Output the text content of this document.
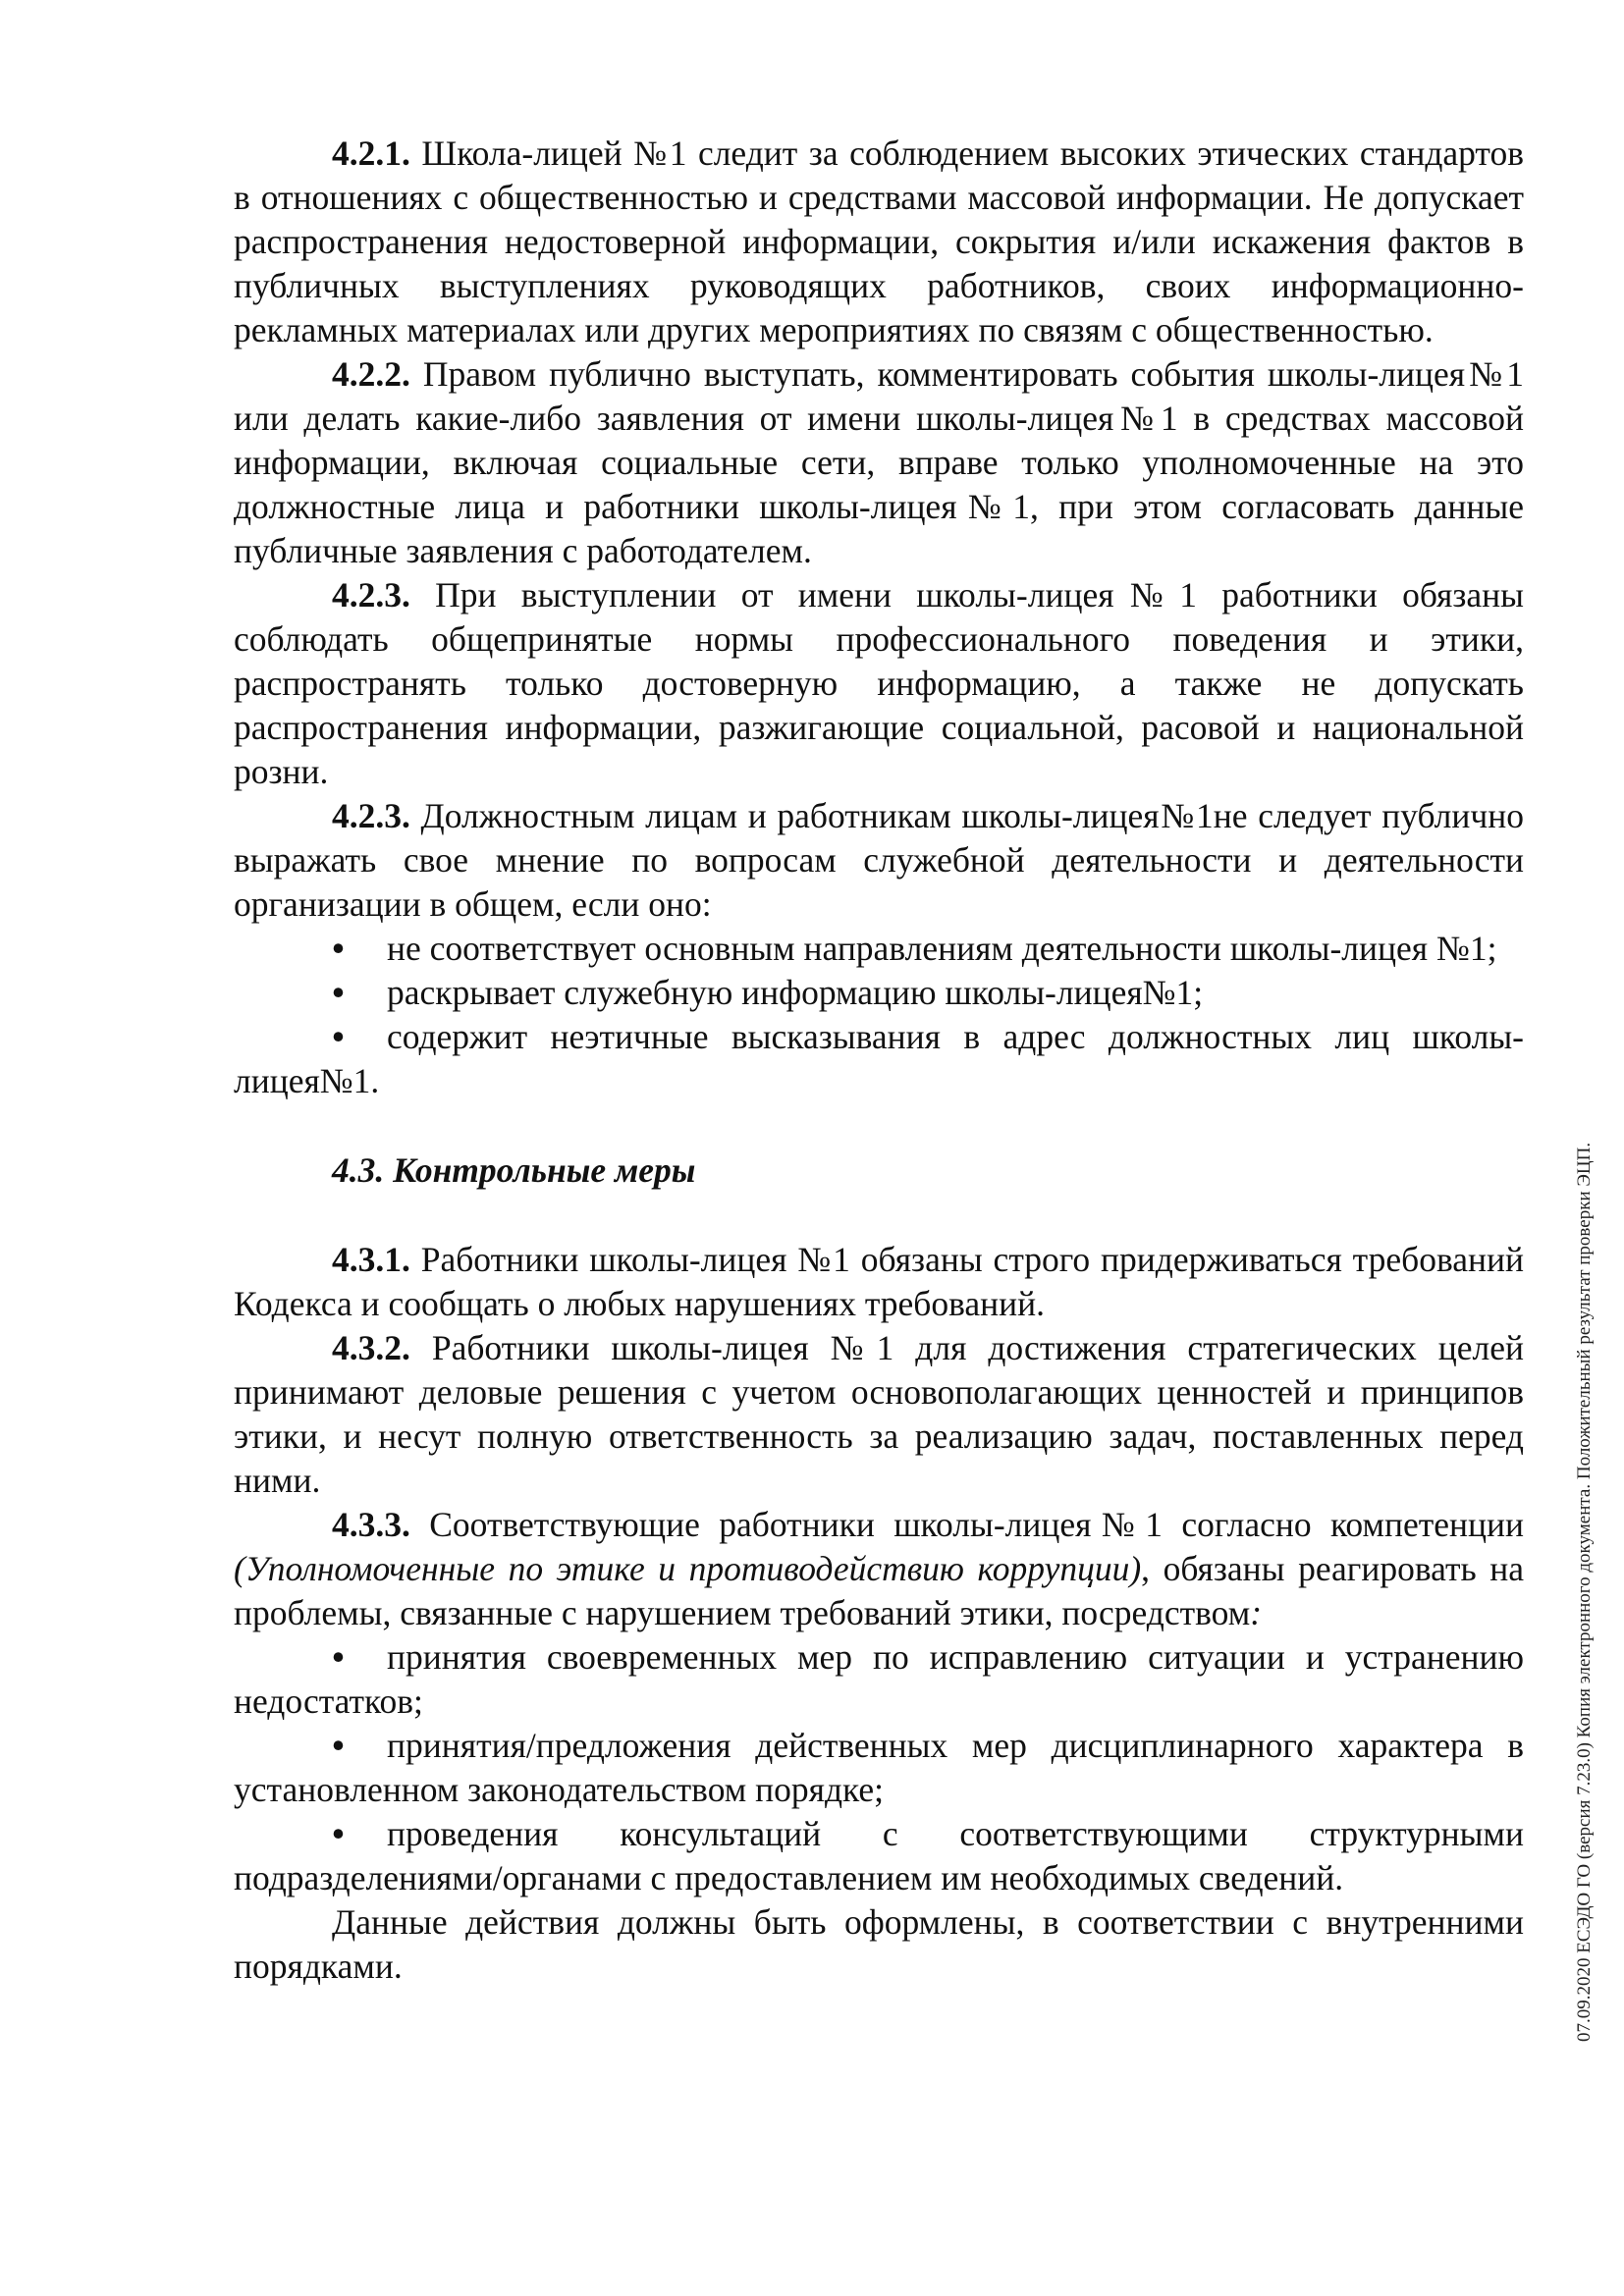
4.2.1. Школа-лицей №1 следит за соблюдением высоких этических стандартов в отношениях с общественностью и средствами массовой информации. Не допускает распространения недостоверной информации, сокрытия и/или искажения фактов в публичных выступлениях руководящих работников, своих информационно-рекламных материалах или других мероприятиях по связям с общественностью.

4.2.2. Правом публично выступать, комментировать события школы-лицея№1 или делать какие-либо заявления от имени школы-лицея№1 в средствах массовой информации, включая социальные сети, вправе только уполномоченные на это должностные лица и работники школы-лицея№1, при этом согласовать данные публичные заявления с работодателем.

4.2.3. При выступлении от имени школы-лицея№1 работники обязаны соблюдать общепринятые нормы профессионального поведения и этики, распространять только достоверную информацию, а также не допускать распространения информации, разжигающие социальной, расовой и национальной розни.

4.2.3. Должностным лицам и работникам школы-лицея№1не следует публично выражать свое мнение по вопросам служебной деятельности и деятельности организации в общем, если оно:

• не соответствует основным направлениям деятельности школы-лицея №1;

• раскрывает служебную информацию школы-лицея№1;

• содержит неэтичные высказывания в адрес должностных лиц школы-лицея№1.

4.3. Контрольные меры

4.3.1. Работники школы-лицея №1 обязаны строго придерживаться требований Кодекса и сообщать о любых нарушениях требований.

4.3.2. Работники школы-лицея №1 для достижения стратегических целей принимают деловые решения с учетом основополагающих ценностей и принципов этики, и несут полную ответственность за реализацию задач, поставленных перед ними.

4.3.3. Соответствующие работники школы-лицея№1 согласно компетенции (Уполномоченные по этике и противодействию коррупции), обязаны реагировать на проблемы, связанные с нарушением требований этики, посредством:

• принятия своевременных мер по исправлению ситуации и устранению недостатков;

• принятия/предложения действенных мер дисциплинарного характера в установленном законодательством порядке;

• проведения консультаций с соответствующими структурными подразделениями/органами с предоставлением им необходимых сведений.

Данные действия должны быть оформлены, в соответствии с внутренними порядками.	07.09.2020 ЕСЭДО ГО (версия 7.23.0) Копия электронного документа. Положительный результат проверки ЭЦП.
